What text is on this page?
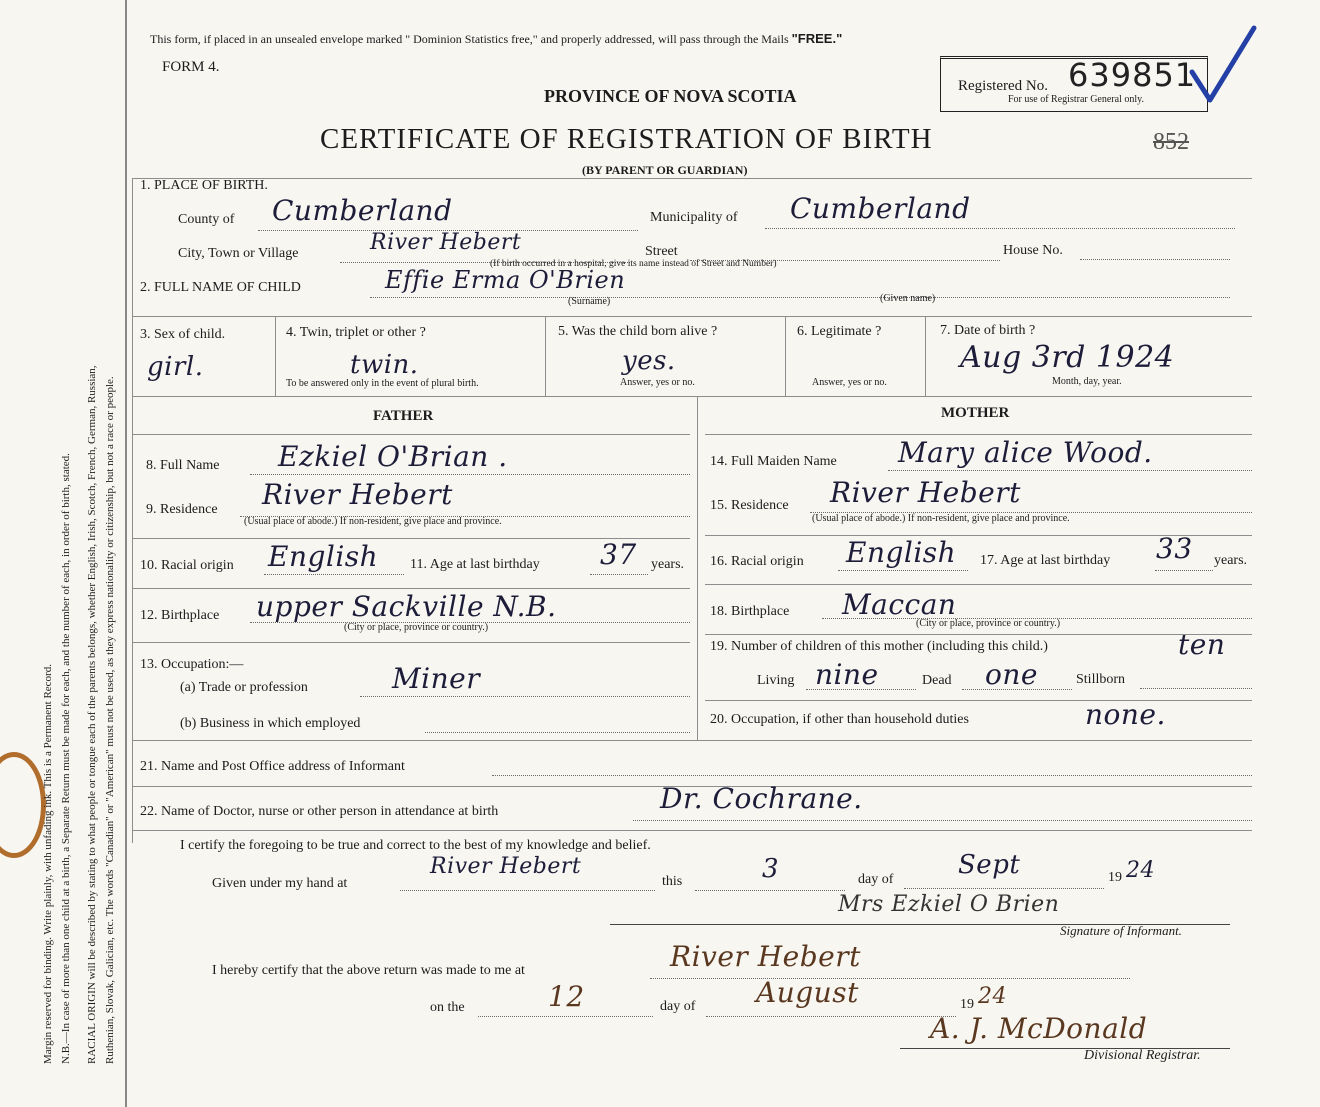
Margin reserved for binding. Write plainly, with unfading ink. This is a Permanent Record. N.B.—In case of more than one child at a birth, a Separate Return must be made for each, and the number of each, in order of birth, stated. RACIAL ORIGIN will be described by stating to what people or tongue each of the parents belongs, whether English, Irish, Scotch, French, German, Russian, Ruthenian, Slovak, Galician, etc. The words "Canadian" or "American" must not be used, as they express nationality or citizenship, but not a race or people.
This form, if placed in an unsealed envelope marked " Dominion Statistics free," and properly addressed, will pass through the Mails "FREE."
FORM 4.
PROVINCE OF NOVA SCOTIA
CERTIFICATE OF REGISTRATION OF BIRTH
(BY PARENT OR GUARDIAN)
852
Registered No. 639851
For use of Registrar General only.
1. PLACE OF BIRTH.
County of Cumberland	Municipality of Cumberland
City, Town or Village	River Hebert	Street
(If birth occurred in a hospital, give its name instead of Street and Number)
House No.
2. FULL NAME OF CHILD	Effie Erma O'Brien
(Surname)	(Given name)
3. Sex of child.
girl.
4. Twin, triplet or other ?
twin.
To be answered only in the event of plural birth.
5. Was the child born alive ?
yes.
Answer, yes or no.
6. Legitimate ?
Answer, yes or no.
7. Date of birth ?
Aug 3rd 1924
Month, day, year.
FATHER	MOTHER
8. Full Name Ezkiel O'Brian .
9. Residence River Hebert
(Usual place of abode.) If non-resident, give place and province.
10. Racial origin English 11. Age at last birthday 37 years.
12. Birthplace upper Sackville N.B.
(City or place, province or country.)
13. Occupation:—
(a) Trade or profession	Miner
(b) Business in which employed
14. Full Maiden Name Mary alice Wood.
15. Residence River Hebert
(Usual place of abode.) If non-resident, give place and province.
16. Racial origin English 17. Age at last birthday 33 years.
18. Birthplace Maccan
(City or place, province or country.)
19. Number of children of this mother (including this child.)	ten
Living nine	Dead one	Stillborn
20. Occupation, if other than household duties	none.
21. Name and Post Office address of Informant
22. Name of Doctor, nurse or other person in attendance at birth	Dr. Cochrane.
I certify the foregoing to be true and correct to the best of my knowledge and belief.
Given under my hand at
River Hebert
this	3	day of Sept	19 24
Mrs Ezkiel O Brien
Signature of Informant.
I hereby certify that the above return was made to me at	River Hebert
on the	12	day of August	19 24
A. J. McDonald
Divisional Registrar.
